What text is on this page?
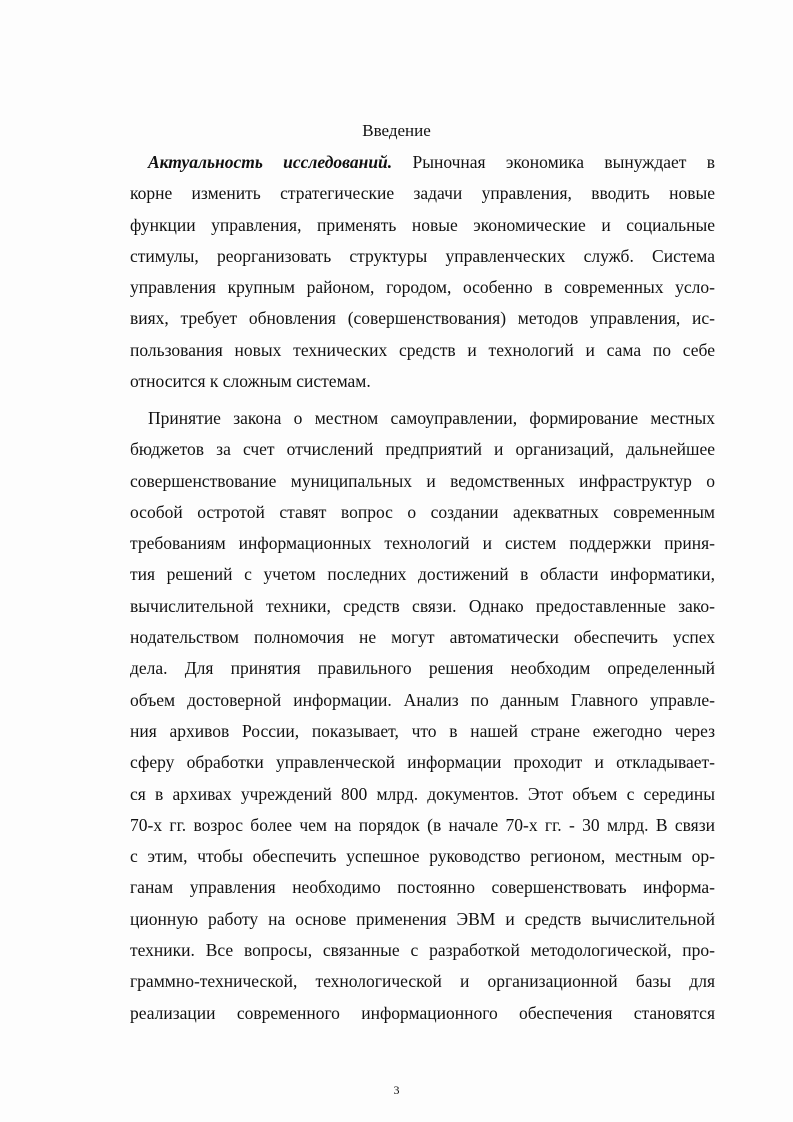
Введение
Актуальность исследований. Рыночная экономика вынуждает в
корне изменить стратегические задачи управления, вводить новые
функции управления, применять новые экономические и социальные
стимулы, реорганизовать структуры управленческих служб. Система
управления крупным районом, городом, особенно в современных усло-
виях, требует обновления (совершенствования) методов управления, ис-
пользования новых технических средств и технологий и сама по себе
относится к сложным системам.
Принятие закона о местном самоуправлении, формирование местных
бюджетов за счет отчислений предприятий и организаций, дальнейшее
совершенствование муниципальных и ведомственных инфраструктур о
особой остротой ставят вопрос о создании адекватных современным
требованиям информационных технологий и систем поддержки приня-
тия решений с учетом последних достижений в области информатики,
вычислительной техники, средств связи. Однако предоставленные зако-
нодательством полномочия не могут автоматически обеспечить успех
дела. Для принятия правильного решения необходим определенный
объем достоверной информации. Анализ по данным Главного управле-
ния архивов России, показывает, что в нашей стране ежегодно через
сферу обработки управленческой информации проходит и откладывает-
ся в архивах учреждений 800 млрд. документов. Этот объем с середины
70-х гг. возрос более чем на порядок (в начале 70-х гг. - 30 млрд. В связи
с этим, чтобы обеспечить успешное руководство регионом, местным ор-
ганам управления необходимо постоянно совершенствовать информа-
ционную работу на основе применения ЭВМ и средств вычислительной
техники. Все вопросы, связанные с разработкой методологической, про-
граммно-технической, технологической и организационной базы для
реализации современного информационного обеспечения становятся
3
